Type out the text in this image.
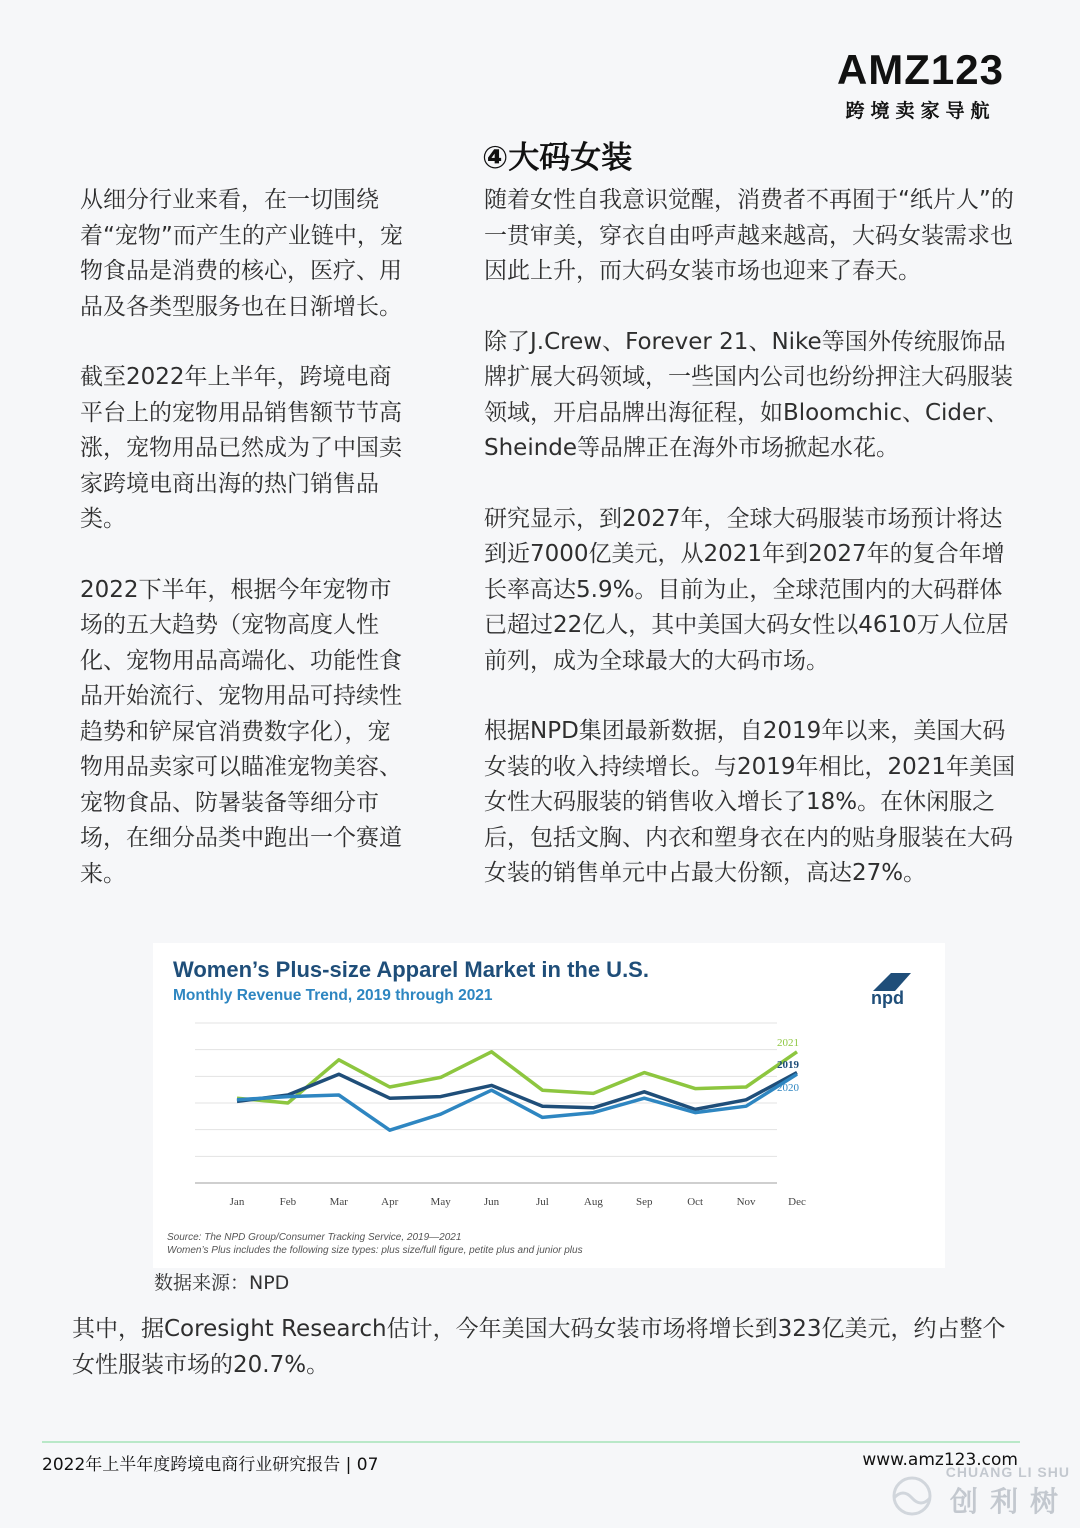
AMZ123
跨境卖家导航
④大码女装

从细分行业来看，在一切围绕着“宠物”而产生的产业链中，宠物食品是消费的核心，医疗、用品及各类型服务也在日渐增长。

截至2022年上半年，跨境电商平台上的宠物用品销售额节节高涨，宠物用品已然成为了中国卖家跨境电商出海的热门销售品类。

2022下半年，根据今年宠物市场的五大趋势（宠物高度人性化、宠物用品高端化、功能性食品开始流行、宠物用品可持续性趋势和铲屎官消费数字化），宠物用品卖家可以瞄准宠物美容、宠物食品、防暑装备等细分市场，在细分品类中跑出一个赛道来。

随着女性自我意识觉醒，消费者不再囿于“纸片人”的一贯审美，穿衣自由呼声越来越高，大码女装需求也因此上升，而大码女装市场也迎来了春天。

除了J.Crew、Forever 21、Nike等国外传统服饰品牌扩展大码领域，一些国内公司也纷纷押注大码服装领域，开启品牌出海征程，如Bloomchic、Cider、Sheinde等品牌正在海外市场掀起水花。

研究显示，到2027年，全球大码服装市场预计将达到近7000亿美元，从2021年到2027年的复合年增长率高达5.9%。目前为止，全球范围内的大码群体已超过22亿人，其中美国大码女性以4610万人位居前列，成为全球最大的大码市场。

根据NPD集团最新数据，自2019年以来，美国大码女装的收入持续增长。与2019年相比，2021年美国女性大码服装的销售收入增长了18%。在休闲服之后，包括文胸、内衣和塑身衣在内的贴身服装在大码女装的销售单元中占最大份额，高达27%。

Women’s Plus-size Apparel Market in the U.S.
Monthly Revenue Trend, 2019 through 2021	npd
2021
2019
2020
Jan	Feb	Mar	Apr	May	Jun	Jul	Aug	Sep	Oct	Nov	Dec
Source: The NPD Group/Consumer Tracking Service, 2019—2021
Women’s Plus includes the following size types: plus size/full figure, petite plus and junior plus
数据来源：NPD
其中，据Coresight Research估计，今年美国大码女装市场将增长到323亿美元，约占整个女性服装市场的20.7%。
2022年上半年度跨境电商行业研究报告 | 07	www.amz123.com
CHUANG LI SHU
创利树
